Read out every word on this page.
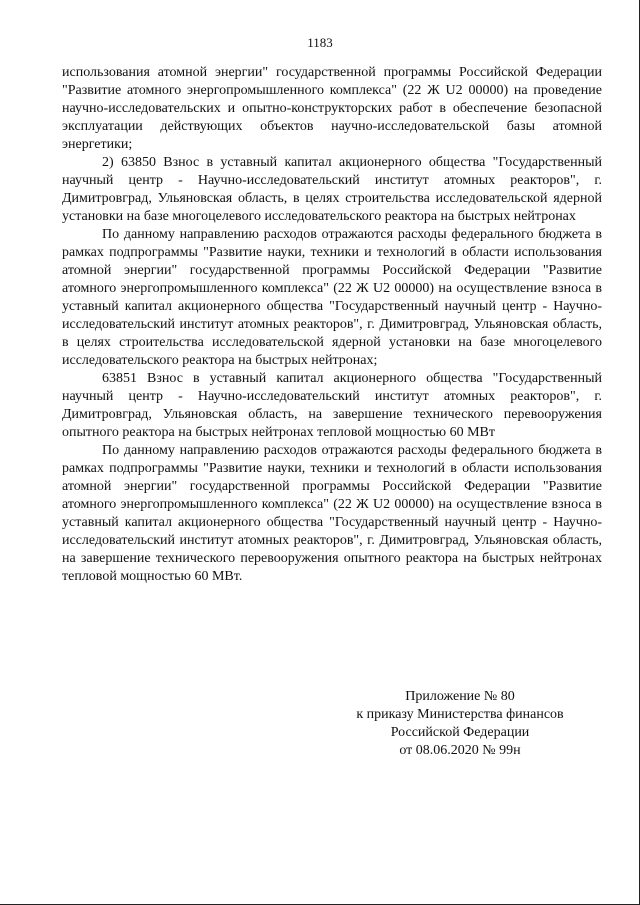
1183

использования атомной энергии" государственной программы Российской Федерации "Развитие атомного энергопромышленного комплекса" (22 Ж U2 00000) на проведение научно-исследовательских и опытно-конструкторских работ в обеспечение безопасной эксплуатации действующих объектов научно-исследовательской базы атомной энергетики;

2) 63850 Взнос в уставный капитал акционерного общества "Государственный научный центр - Научно-исследовательский институт атомных реакторов", г. Димитровград, Ульяновская область, в целях строительства исследовательской ядерной установки на базе многоцелевого исследовательского реактора на быстрых нейтронах

По данному направлению расходов отражаются расходы федерального бюджета в рамках подпрограммы "Развитие науки, техники и технологий в области использования атомной энергии" государственной программы Российской Федерации "Развитие атомного энергопромышленного комплекса" (22 Ж U2 00000) на осуществление взноса в уставный капитал акционерного общества "Государственный научный центр - Научно-исследовательский институт атомных реакторов", г. Димитровград, Ульяновская область, в целях строительства исследовательской ядерной установки на базе многоцелевого исследовательского реактора на быстрых нейтронах;

63851 Взнос в уставный капитал акционерного общества "Государственный научный центр - Научно-исследовательский институт атомных реакторов", г. Димитровград, Ульяновская область, на завершение технического перевооружения опытного реактора на быстрых нейтронах тепловой мощностью 60 МВт

По данному направлению расходов отражаются расходы федерального бюджета в рамках подпрограммы "Развитие науки, техники и технологий в области использования атомной энергии" государственной программы Российской Федерации "Развитие атомного энергопромышленного комплекса" (22 Ж U2 00000) на осуществление взноса в уставный капитал акционерного общества "Государственный научный центр - Научно-исследовательский институт атомных реакторов", г. Димитровград, Ульяновская область, на завершение технического перевооружения опытного реактора на быстрых нейтронах тепловой мощностью 60 МВт.

Приложение № 80
к приказу Министерства финансов
Российской Федерации
от 08.06.2020 № 99н
